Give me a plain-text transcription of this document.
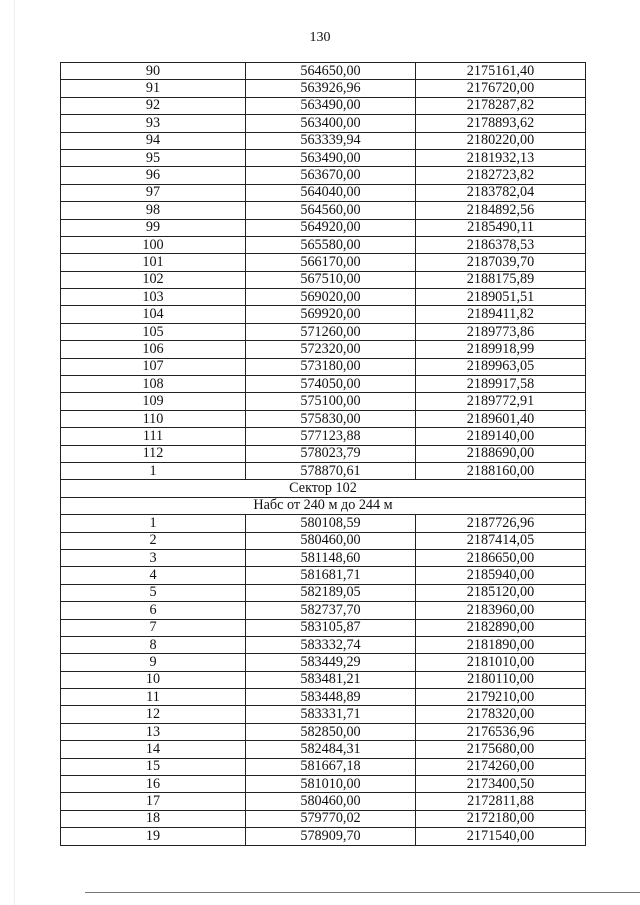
130
90	564650,00	2175161,40
91	563926,96	2176720,00
92	563490,00	2178287,82
93	563400,00	2178893,62
94	563339,94	2180220,00
95	563490,00	2181932,13
96	563670,00	2182723,82
97	564040,00	2183782,04
98	564560,00	2184892,56
99	564920,00	2185490,11
100	565580,00	2186378,53
101	566170,00	2187039,70
102	567510,00	2188175,89
103	569020,00	2189051,51
104	569920,00	2189411,82
105	571260,00	2189773,86
106	572320,00	2189918,99
107	573180,00	2189963,05
108	574050,00	2189917,58
109	575100,00	2189772,91
110	575830,00	2189601,40
111	577123,88	2189140,00
112	578023,79	2188690,00
1	578870,61	2188160,00
Сектор 102		
Набс от 240 м до 244 м		
1	580108,59	2187726,96
2	580460,00	2187414,05
3	581148,60	2186650,00
4	581681,71	2185940,00
5	582189,05	2185120,00
6	582737,70	2183960,00
7	583105,87	2182890,00
8	583332,74	2181890,00
9	583449,29	2181010,00
10	583481,21	2180110,00
11	583448,89	2179210,00
12	583331,71	2178320,00
13	582850,00	2176536,96
14	582484,31	2175680,00
15	581667,18	2174260,00
16	581010,00	2173400,50
17	580460,00	2172811,88
18	579770,02	2172180,00
19	578909,70	2171540,00
